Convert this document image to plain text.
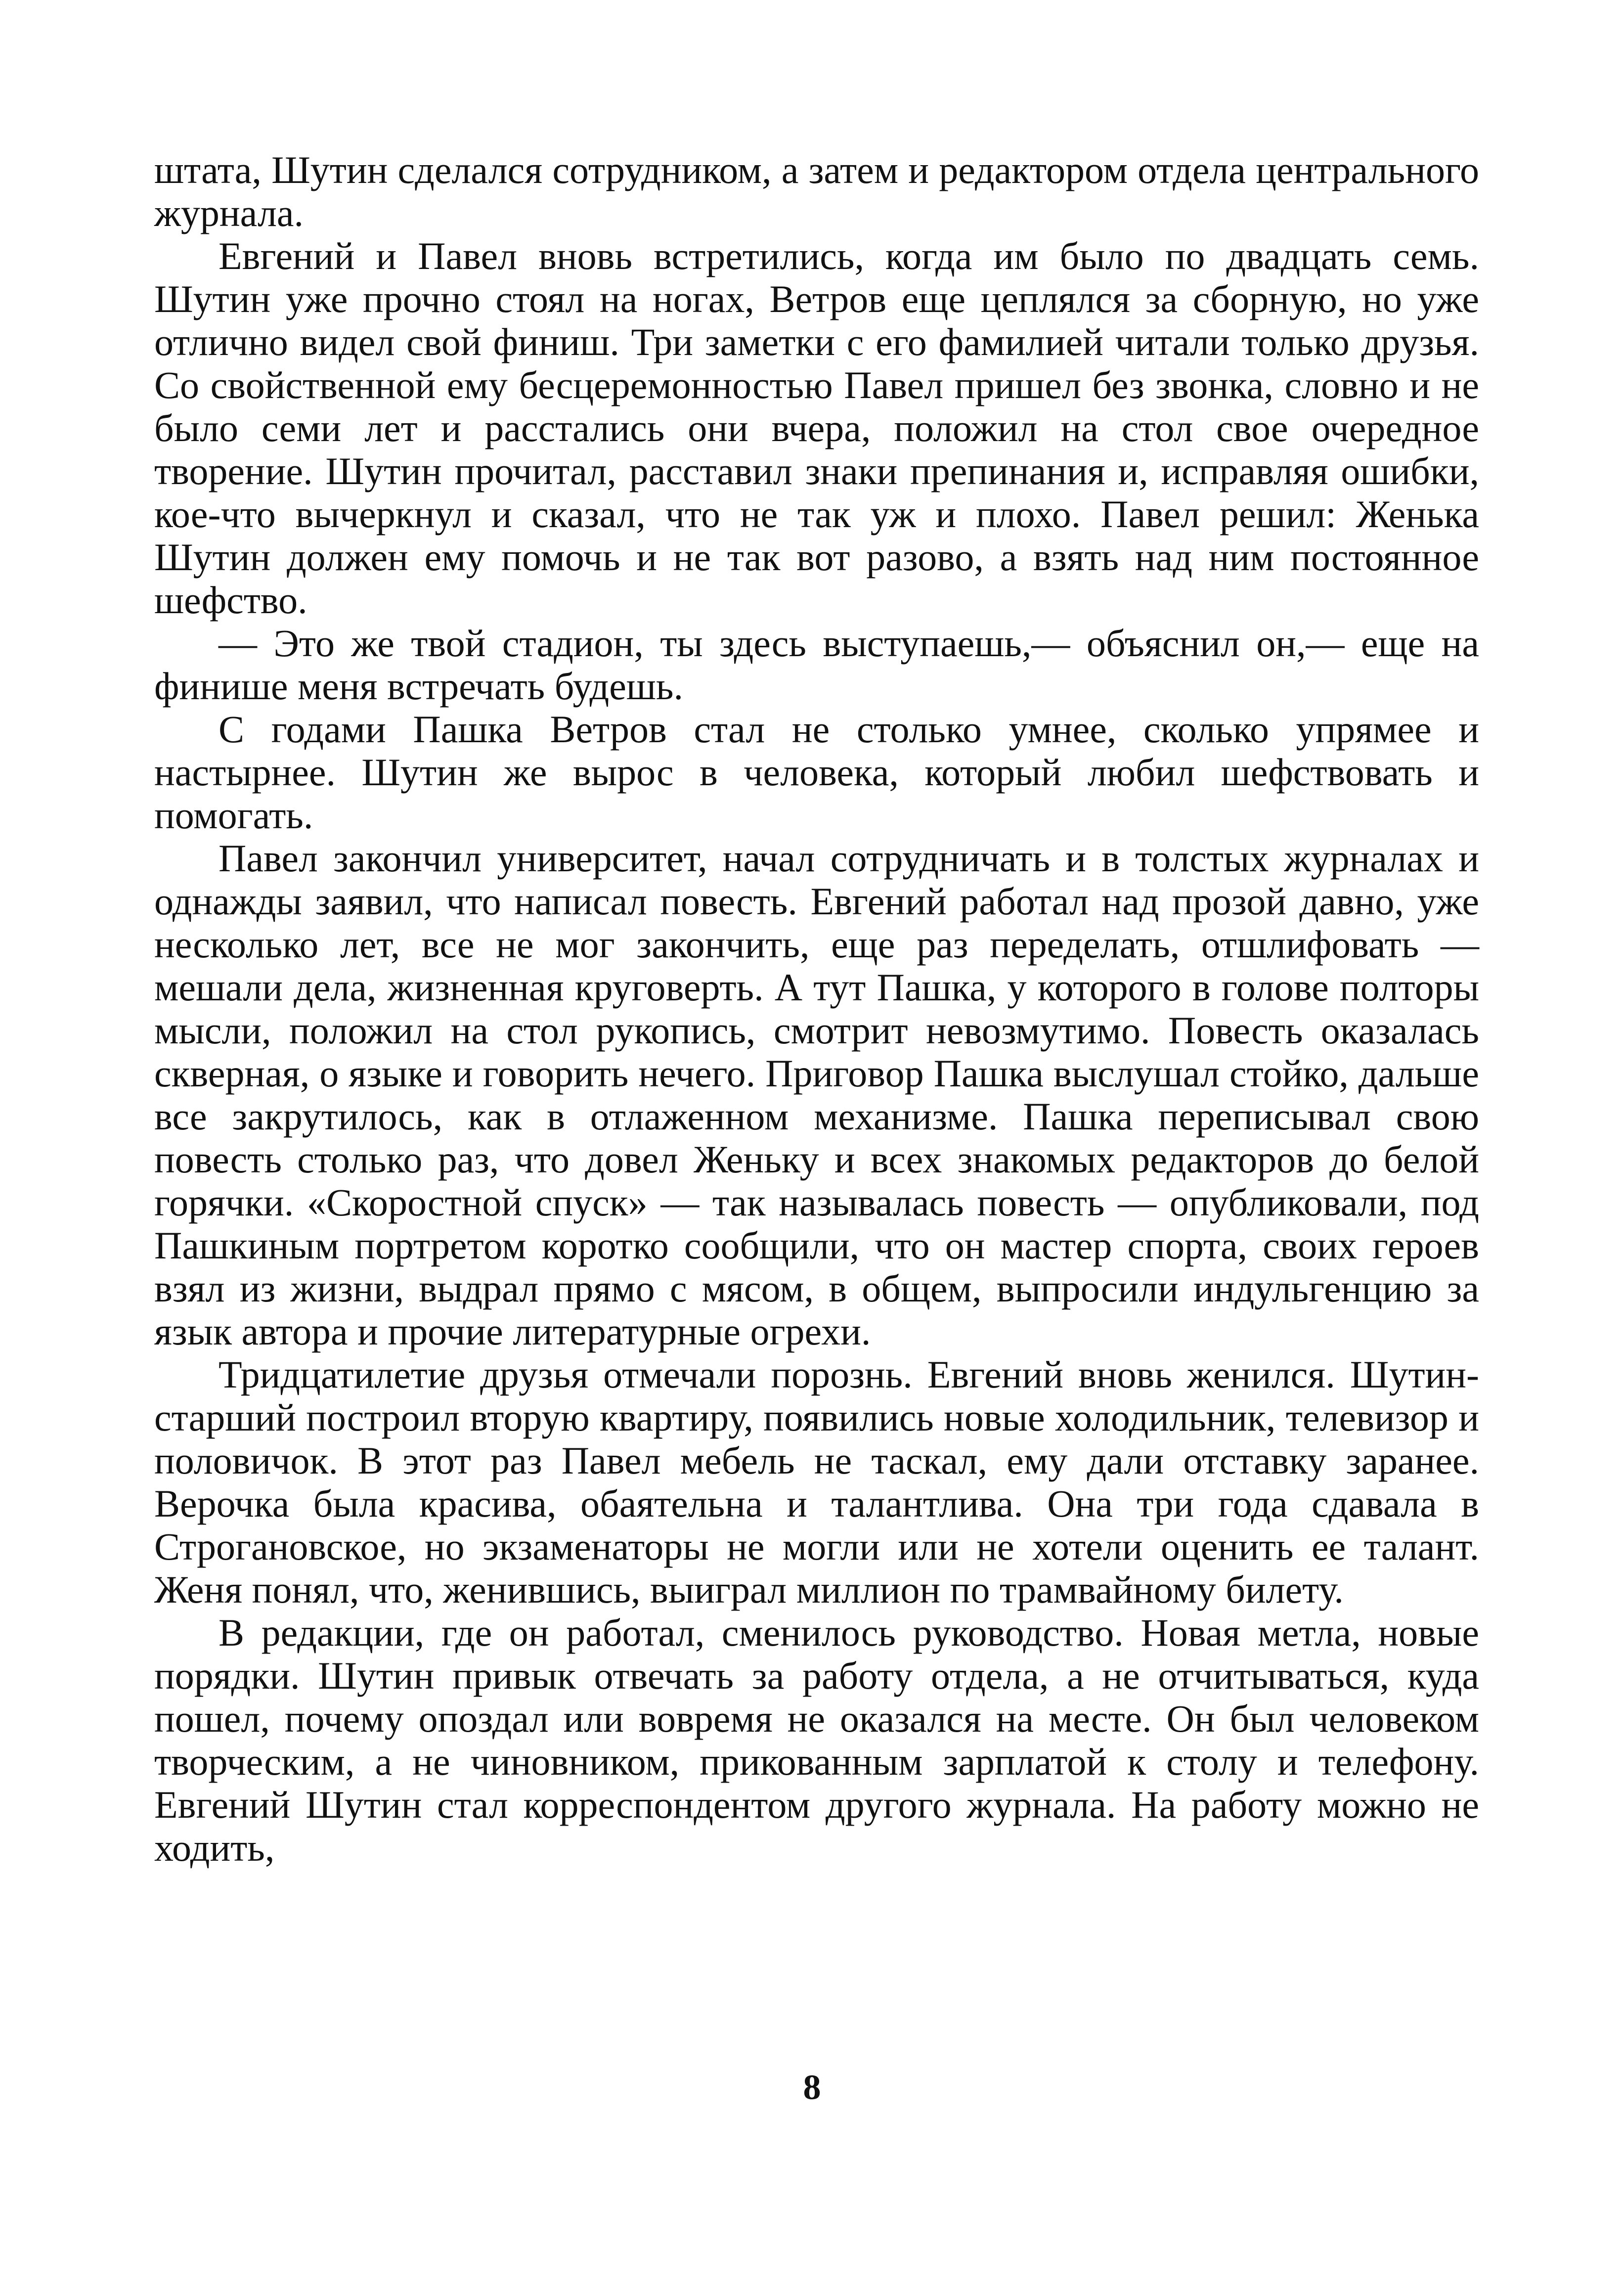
штата, Шутин сделался сотрудником, а затем и редактором отдела центрального журнала.

Евгений и Павел вновь встретились, когда им было по двадцать семь. Шутин уже прочно стоял на ногах, Ветров еще цеплялся за сборную, но уже отлично видел свой финиш. Три заметки с его фамилией читали только друзья. Со свойственной ему бесцеремонностью Павел пришел без звонка, словно и не было семи лет и расстались они вчера, положил на стол свое очередное творение. Шутин прочитал, расставил знаки препинания и, исправляя ошибки, кое-что вычеркнул и сказал, что не так уж и плохо. Павел решил: Женька Шутин должен ему помочь и не так вот разово, а взять над ним постоянное шефство.

— Это же твой стадион, ты здесь выступаешь,— объяснил он,— еще на финише меня встречать будешь.

С годами Пашка Ветров стал не столько умнее, сколько упрямее и настырнее. Шутин же вырос в человека, который любил шефствовать и помогать.

Павел закончил университет, начал сотрудничать и в толстых журналах и однажды заявил, что написал повесть. Евгений работал над прозой давно, уже несколько лет, все не мог закончить, еще раз переделать, отшлифовать — мешали дела, жизненная круговерть. А тут Пашка, у которого в голове полторы мысли, положил на стол рукопись, смотрит невозмутимо. Повесть оказалась скверная, о языке и говорить нечего. Приговор Пашка выслушал стойко, дальше все закрутилось, как в отлаженном механизме. Пашка переписывал свою повесть столько раз, что довел Женьку и всех знакомых редакторов до белой горячки. «Скоростной спуск» — так называлась повесть — опубликовали, под Пашкиным портретом коротко сообщили, что он мастер спорта, своих героев взял из жизни, выдрал прямо с мясом, в общем, выпросили индульгенцию за язык автора и прочие литературные огрехи.

Тридцатилетие друзья отмечали порознь. Евгений вновь женился. Шутин-старший построил вторую квартиру, появились новые холодильник, телевизор и половичок. В этот раз Павел мебель не таскал, ему дали отставку заранее. Верочка была красива, обаятельна и талантлива. Она три года сдавала в Строгановское, но экзаменаторы не могли или не хотели оценить ее талант. Женя понял, что, женившись, выиграл миллион по трамвайному билету.

В редакции, где он работал, сменилось руководство. Новая метла, новые порядки. Шутин привык отвечать за работу отдела, а не отчитываться, куда пошел, почему опоздал или вовремя не оказался на месте. Он был человеком творческим, а не чиновником, прикованным зарплатой к столу и телефону. Евгений Шутин стал корреспондентом другого журнала. На работу можно не ходить,

8
